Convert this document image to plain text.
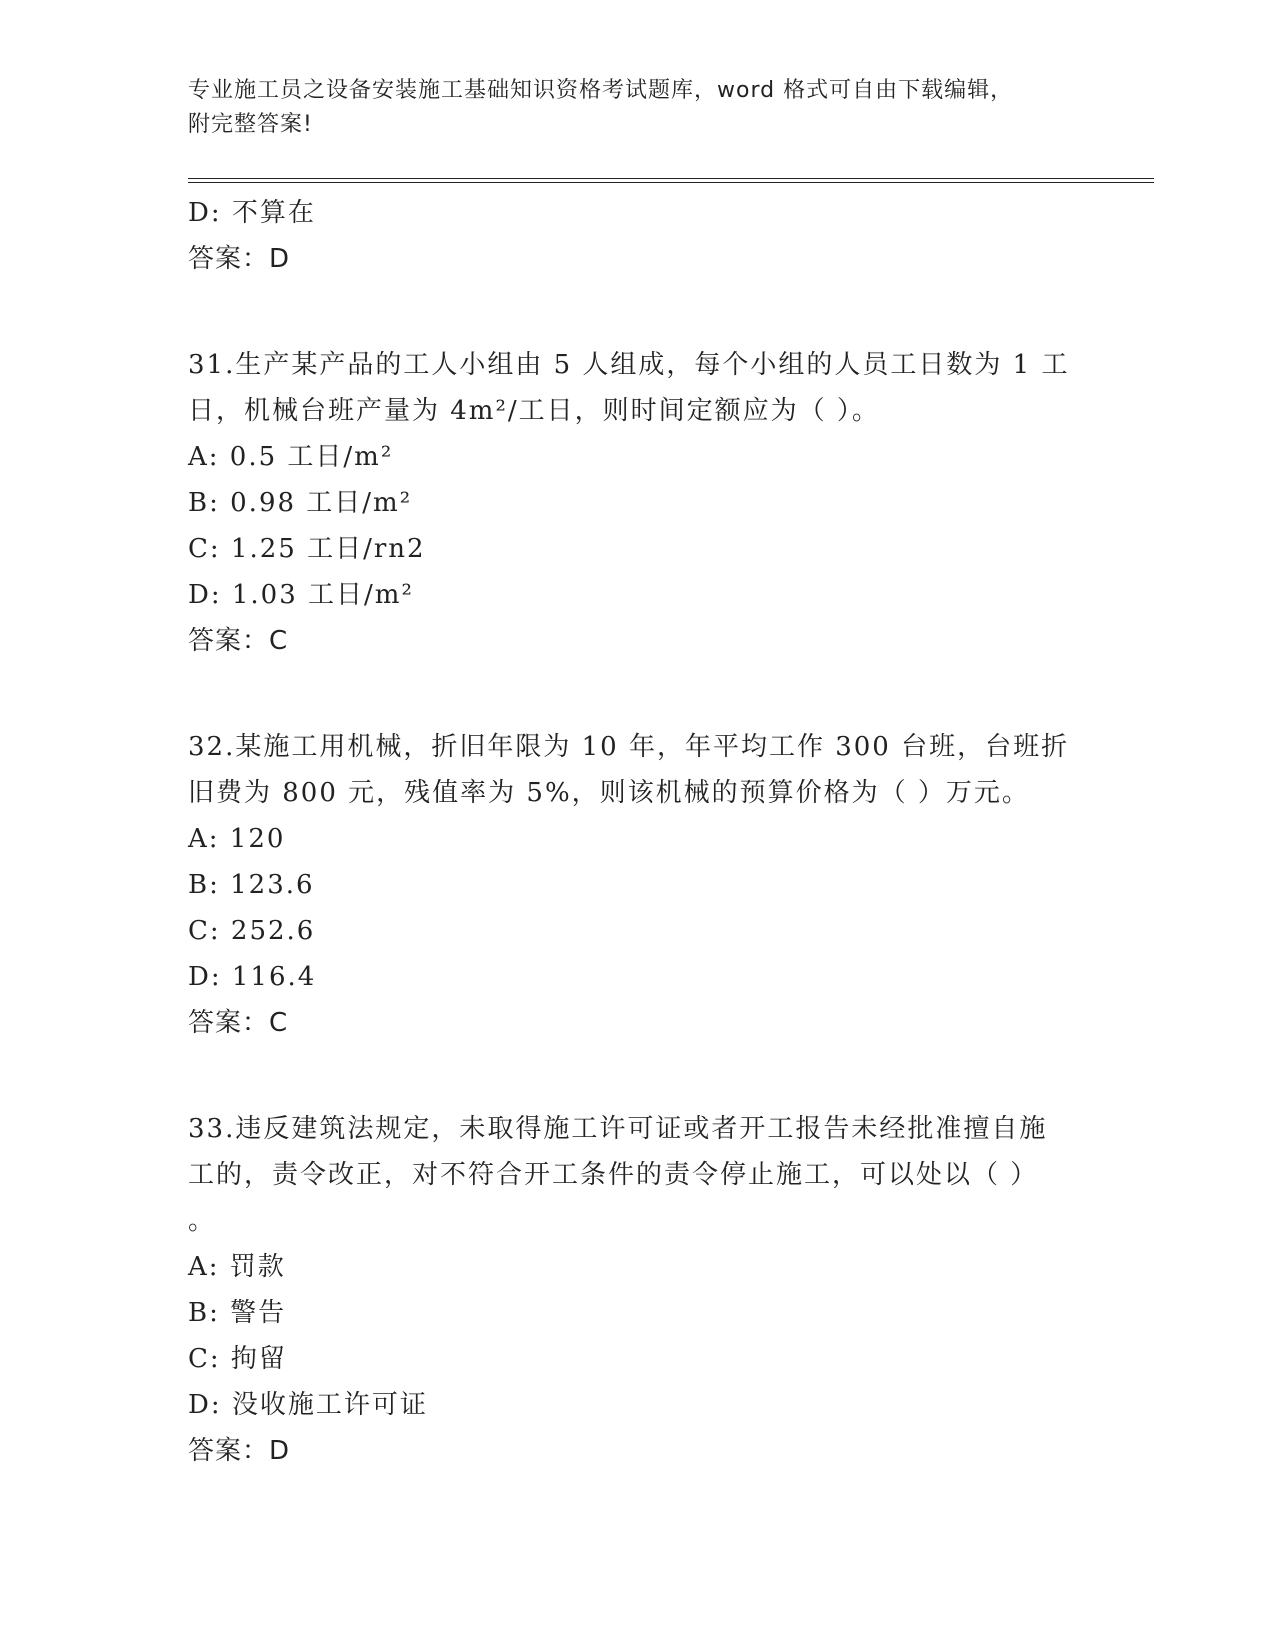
专业施工员之设备安装施工基础知识资格考试题库，word 格式可自由下载编辑，
附完整答案!
D: 不算在
答案：D
31.生产某产品的工人小组由 5 人组成，每个小组的人员工日数为 1 工
日，机械台班产量为 4m²/工日，则时间定额应为（ ）。
A: 0.5 工日/m²
B: 0.98 工日/m²
C: 1.25 工日/rn2
D: 1.03 工日/m²
答案：C
32.某施工用机械，折旧年限为 10 年，年平均工作 300 台班，台班折
旧费为 800 元，残值率为 5%，则该机械的预算价格为（ ）万元。
A: 120
B: 123.6
C: 252.6
D: 116.4
答案：C
33.违反建筑法规定，未取得施工许可证或者开工报告未经批准擅自施
工的，责令改正，对不符合开工条件的责令停止施工，可以处以（ ）
。
A: 罚款
B: 警告
C: 拘留
D: 没收施工许可证
答案：D
